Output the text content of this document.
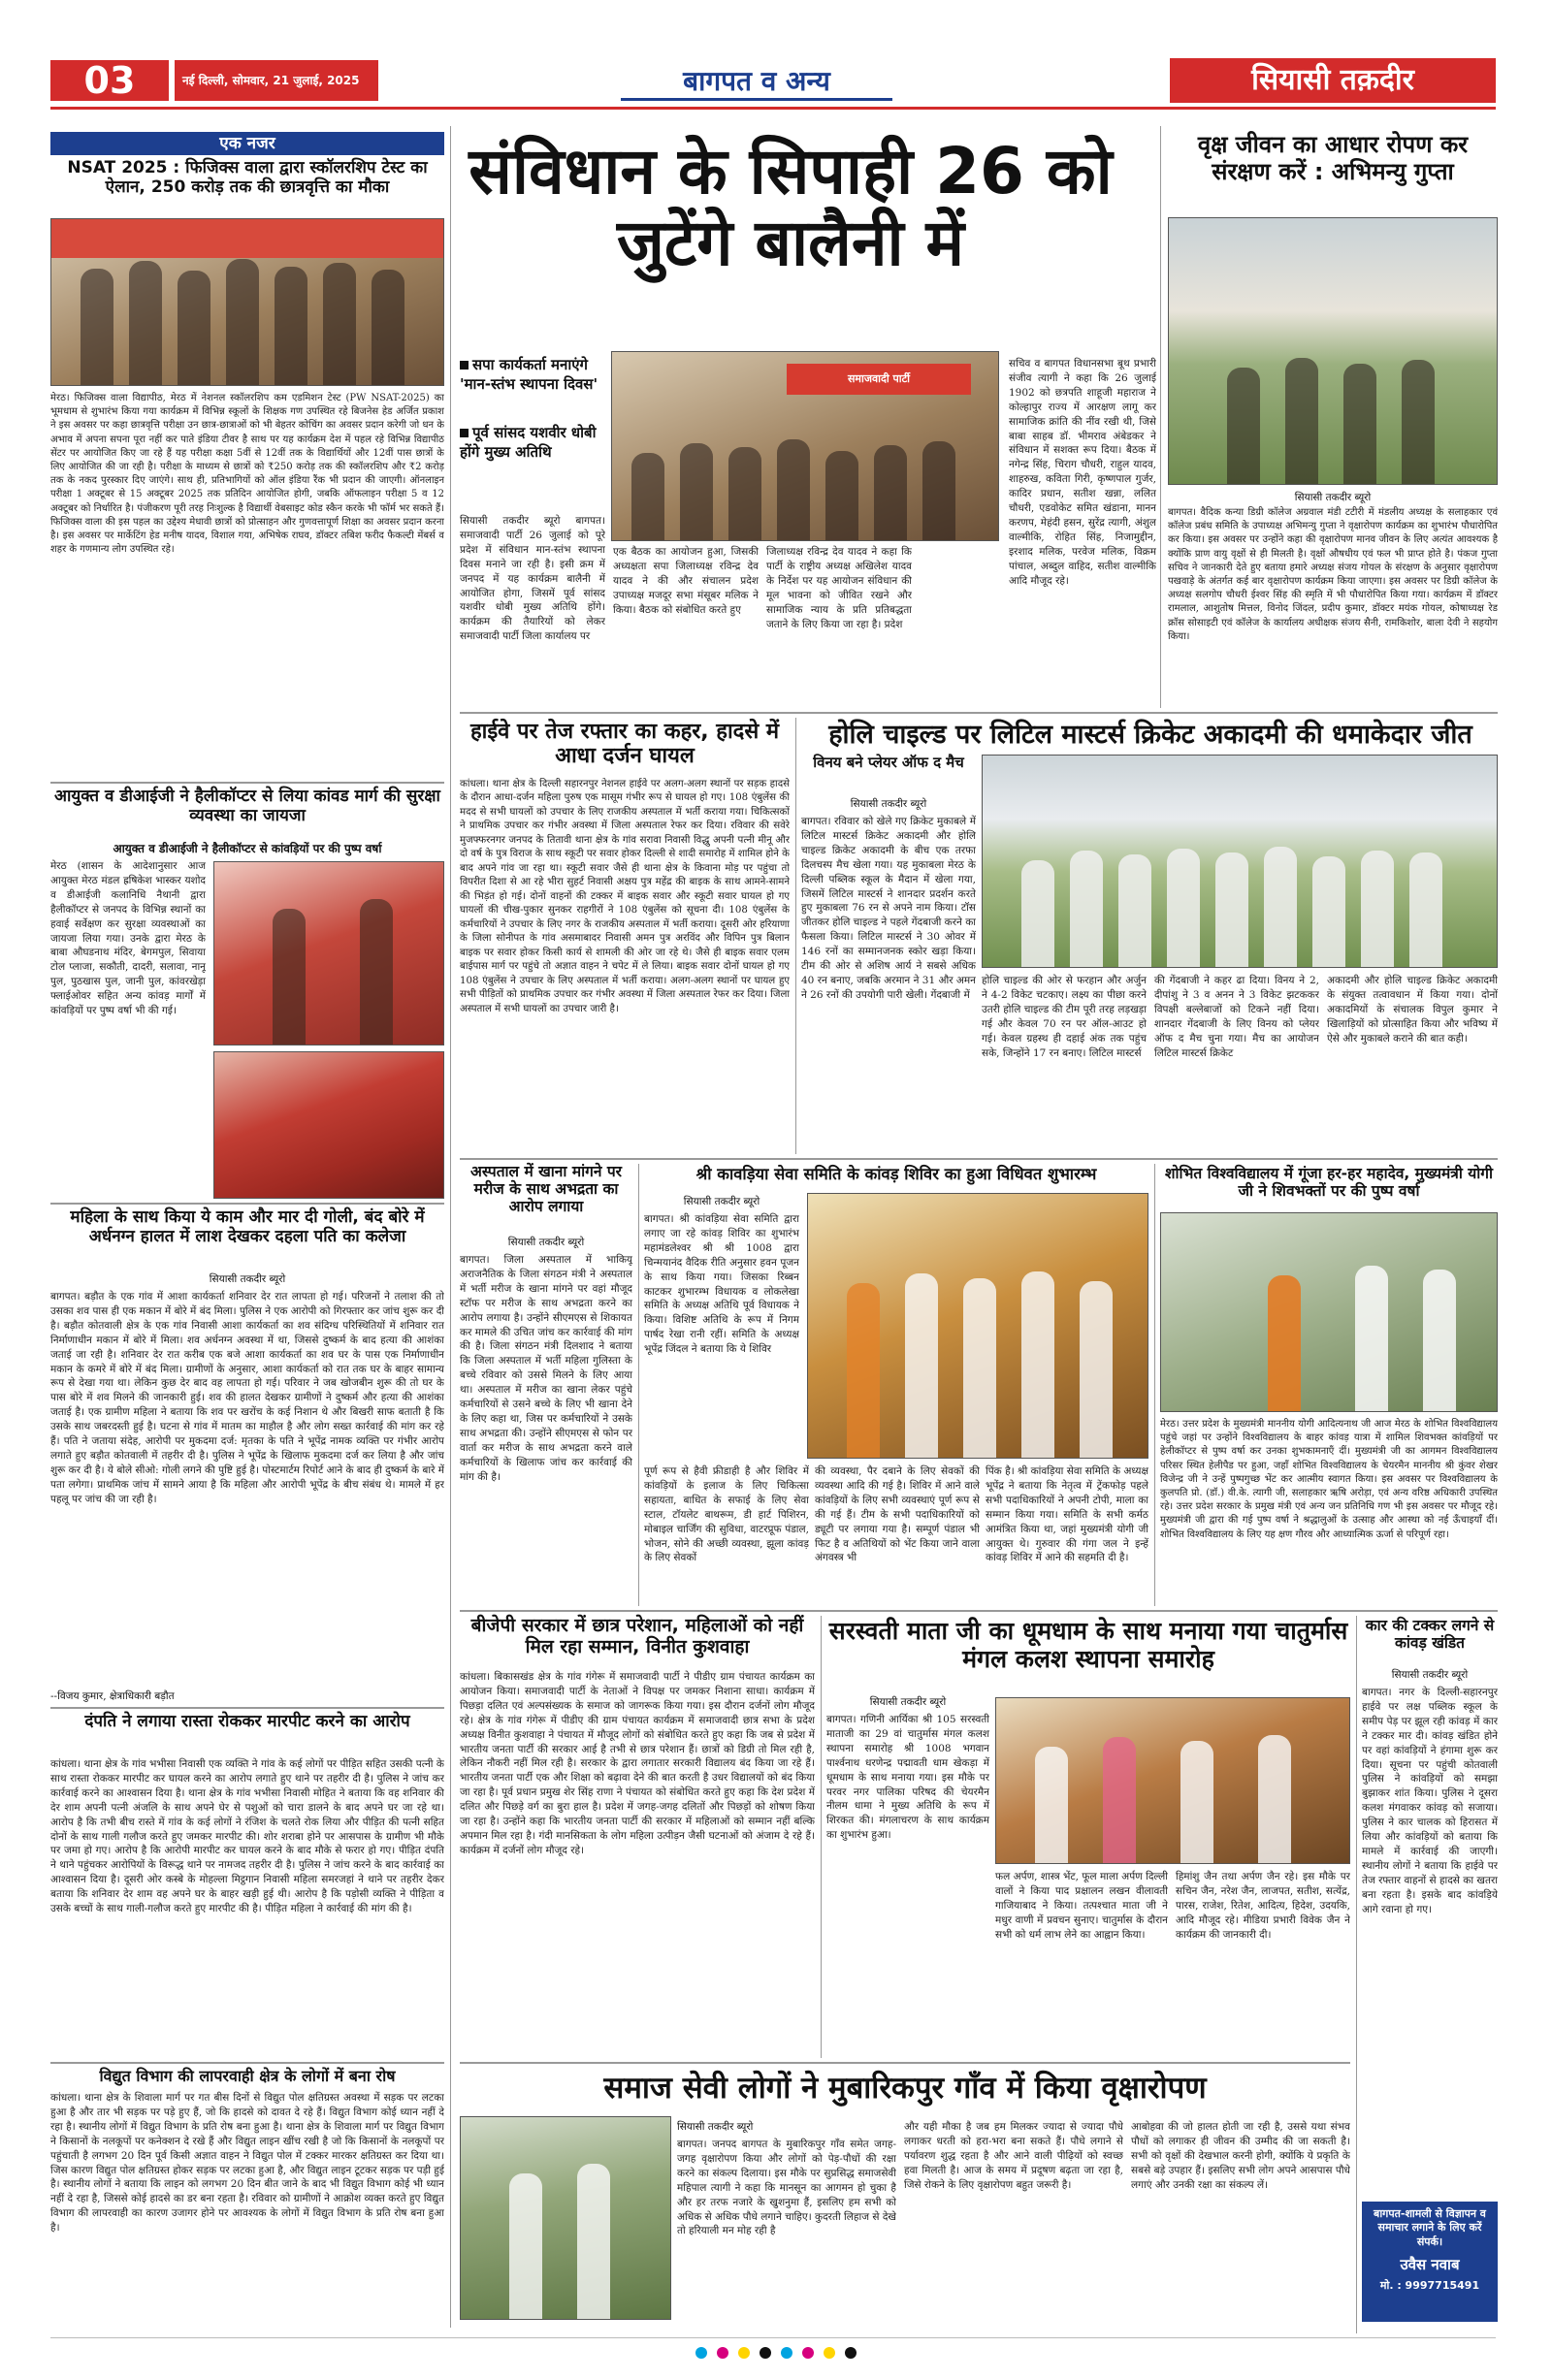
03	नई दिल्ली, सोमवार, 21 जुलाई, 2025	बागपत व अन्य	सियासी तक़दीर
एक नजर
NSAT 2025 : फिजिक्स वाला द्वारा स्कॉलरशिप टेस्ट का ऐलान, 250 करोड़ तक की छात्रवृत्ति का मौका
मेरठ। फिजिक्स वाला विद्यापीठ, मेरठ में नेशनल स्कॉलरशिप कम एडमिशन टेस्ट (PW NSAT-2025) का भूमधाम से शुभारंभ किया गया कार्यक्रम में विभिन्न स्कूलों के शिक्षक गण उपस्थित रहे बिजनेस हेड अर्जित प्रकाश ने इस अवसर पर कहा छात्रवृत्ति परीक्षा उन छात्र-छात्राओं को भी बेहतर कोचिंग का अवसर प्रदान करेगी जो धन के अभाव में अपना सपना पूरा नहीं कर पाते इंडिया टीवर है साथ पर यह कार्यक्रम देश में पहल रहे विभिन्न विद्यापीठ सेंटर पर आयोजित किए जा रहे हैं यह परीक्षा कक्षा 5वीं से 12वीं तक के विद्यार्थियों और 12वीं पास छात्रों के लिए आयोजित की जा रही है। परीक्षा के माध्यम से छात्रों को ₹250 करोड़ तक की स्कॉलरशिप और ₹2 करोड़ तक के नकद पुरस्कार दिए जाएंगे। साथ ही, प्रतिभागियों को ऑल इंडिया रैंक भी प्रदान की जाएगी। ऑनलाइन परीक्षा 1 अक्टूबर से 15 अक्टूबर 2025 तक प्रतिदिन आयोजित होगी, जबकि ऑफलाइन परीक्षा 5 व 12 अक्टूबर को निर्धारित है। पंजीकरण पूरी तरह निःशुल्क है विद्यार्थी वेबसाइट कोड स्कैन करके भी फॉर्म भर सकते हैं। फिजिक्स वाला की इस पहल का उद्देश्य मेधावी छात्रों को प्रोत्साहन और गुणवत्तापूर्ण शिक्षा का अवसर प्रदान करना है। इस अवसर पर मार्केटिंग हेड मनीष यादव, विशाल गया, अभिषेक राघव, डॉक्टर तबिश फरीद फैकल्टी मेंबर्स व शहर के गणमान्य लोग उपस्थित रहे।
आयुक्त व डीआईजी ने हैलीकॉप्टर से लिया कांवड मार्ग की सुरक्षा व्यवस्था का जायजा
आयुक्त व डीआईजी ने हैलीकॉप्टर से कांवड़ियों पर की पुष्प वर्षा
मेरठ (शासन के आदेशानुसार आज आयुक्त मेरठ मंडल ह्रषिकेश भास्कर यशोद व डीआईजी कलानिधि नैथानी द्वारा हैलीकॉप्टर से जनपद के विभिन्न स्थानों का हवाई सर्वेक्षण कर सुरक्षा व्यवस्थाओं का जायजा लिया गया। उनके द्वारा मेरठ के बाबा औघडनाथ मंदिर, बेगमपुल, सिवाया टोल प्लाजा, सकौती, दादरी, सलावा, नानू पुल, पुठखास पुल, जानी पुल, कांवरखेड़ा फ्लाईओवर सहित अन्य कांवड़ मार्गों में कांवड़ियों पर पुष्प वर्षा भी की गई।
महिला के साथ किया ये काम और मार दी गोली, बंद बोरे में अर्धनग्न हालत में लाश देखकर दहला पति का कलेजा
सियासी तकदीर ब्यूरो
बागपत। बड़ौत के एक गांव में आशा कार्यकर्ता शनिवार देर रात लापता हो गई। परिजनों ने तलाश की तो उसका शव पास ही एक मकान में बोरे में बंद मिला। पुलिस ने एक आरोपी को गिरफ्तार कर जांच शुरू कर दी है। बड़ौत कोतवाली क्षेत्र के एक गांव निवासी आशा कार्यकर्ता का शव संदिग्ध परिस्थितियों में शनिवार रात निर्माणाधीन मकान में बोरे में मिला। शव अर्धनग्न अवस्था में था, जिससे दुष्कर्म के बाद हत्या की आशंका जताई जा रही है। शनिवार देर रात करीब एक बजे आशा कार्यकर्ता का शव घर के पास एक निर्माणाधीन मकान के कमरे में बोरे में बंद मिला। ग्रामीणों के अनुसार, आशा कार्यकर्ता को रात तक घर के बाहर सामान्य रूप से देखा गया था। लेकिन कुछ देर बाद वह लापता हो गई। परिवार ने जब खोजबीन शुरू की तो घर के पास बोरे में शव मिलने की जानकारी हुई। शव की हालत देखकर ग्रामीणों ने दुष्कर्म और हत्या की आशंका जताई है। एक ग्रामीण महिला ने बताया कि शव पर खरोंच के कई निशान थे और बिखरी साफ बताती है कि उसके साथ जबरदस्ती हुई है। घटना से गांव में मातम का माहौल है और लोग सख्त कार्रवाई की मांग कर रहे हैं। पति ने जताया संदेह, आरोपी पर मुकदमा दर्ज: मृतका के पति ने भूपेंद्र नामक व्यक्ति पर गंभीर आरोप लगाते हुए बड़ौत कोतवाली में तहरीर दी है। पुलिस ने भूपेंद्र के खिलाफ मुकदमा दर्ज कर लिया है और जांच शुरू कर दी है। ये बोले सीओ: गोली लगने की पुष्टि हुई है। पोस्टमार्टम रिपोर्ट आने के बाद ही दुष्कर्म के बारे में पता लगेगा। प्राथमिक जांच में सामने आया है कि महिला और आरोपी भूपेंद्र के बीच संबंध थे। मामले में हर पहलू पर जांच की जा रही है।
--विजय कुमार, क्षेत्राधिकारी बड़ौत
दंपति ने लगाया रास्ता रोककर मारपीट करने का आरोप
कांधला। थाना क्षेत्र के गांव भभीसा निवासी एक व्यक्ति ने गांव के कई लोगों पर पीड़ित सहित उसकी पत्नी के साथ रास्ता रोककर मारपीट कर घायल करने का आरोप लगाते हुए थाने पर तहरीर दी है। पुलिस ने जांच कर कार्रवाई करने का आश्वासन दिया है। थाना क्षेत्र के गांव भभीसा निवासी मोहित ने बताया कि वह शनिवार की देर शाम अपनी पत्नी अंजलि के साथ अपने घेर से पशुओं को चारा डालने के बाद अपने घर जा रहे था। आरोप है कि तभी बीच रास्ते में गांव के कई लोगों ने रंजिश के चलते रोक लिया और पीड़ित की पत्नी सहित दोनों के साथ गाली गलौज करते हुए जमकर मारपीट की। शोर शराबा होने पर आसपास के ग्रामीण भी मौके पर जमा हो गए। आरोप है कि आरोपी मारपीट कर घायल करने के बाद मौके से फरार हो गए। पीड़ित दंपति ने थाने पहुंचकर आरोपियों के विरूद्ध थाने पर नामजद तहरीर दी है। पुलिस ने जांच करने के बाद कार्रवाई का आश्वासन दिया है। दूसरी ओर कस्बे के मोहल्ला मिट्ठगान निवासी महिला समरजहां ने थाने पर तहरीर देकर बताया कि शनिवार देर शाम वह अपने घर के बाहर खड़ी हुई थी। आरोप है कि पड़ोसी व्यक्ति ने पीड़िता व उसके बच्चों के साथ गाली-गलौज करते हुए मारपीट की है। पीड़ित महिला ने कार्रवाई की मांग की है।
विद्युत विभाग की लापरवाही क्षेत्र के लोगों में बना रोष
कांधला। थाना क्षेत्र के शिवाला मार्ग पर गत बीस दिनों से विद्युत पोल क्षतिग्रस्त अवस्था में सड़क पर लटका हुआ है और तार भी सड़क पर पड़े हुए हैं, जो कि हादसे को दावत दे रहे हैं। विद्युत विभाग कोई ध्यान नहीं दे रहा है। स्थानीय लोगों में विद्युत विभाग के प्रति रोष बना हुआ है। थाना क्षेत्र के शिवाला मार्ग पर विद्युत विभाग ने किसानों के नलकूपों पर कनेक्शन दे रखे हैं और विद्युत लाइन खींच रखी है जो कि किसानों के नलकूपों पर पहुंचाती है लगभग 20 दिन पूर्व किसी अज्ञात वाहन ने विद्युत पोल में टक्कर मारकर क्षतिग्रस्त कर दिया था। जिस कारण विद्युत पोल क्षतिग्रस्त होकर सड़क पर लटका हुआ है, और विद्युत लाइन टूटकर सड़क पर पड़ी हुई है। स्थानीय लोगों ने बताया कि लाइन को लगभग 20 दिन बीत जाने के बाद भी विद्युत विभाग कोई भी ध्यान नहीं दे रहा है, जिससे कोई हादसे का डर बना रहता है। रविवार को ग्रामीणों ने आक्रोश व्यक्त करते हुए विद्युत विभाग की लापरवाही का कारण उजागर होने पर आवश्यक के लोगों में विद्युत विभाग के प्रति रोष बना हुआ है।
संविधान के सिपाही 26 को जुटेंगे बालैनी में
सपा कार्यकर्ता मनाएंगे 'मान-स्तंभ स्थापना दिवस'
पूर्व सांसद यशवीर धोबी होंगे मुख्य अतिथि
समाजवादी पार्टी
सियासी तकदीर ब्यूरो बागपत। समाजवादी पार्टी 26 जुलाई को पूरे प्रदेश में संविधान मान-स्तंभ स्थापना दिवस मनाने जा रही है। इसी क्रम में जनपद में यह कार्यक्रम बालैनी में आयोजित होगा, जिसमें पूर्व सांसद यशवीर धोबी मुख्य अतिथि होंगे। कार्यक्रम की तैयारियों को लेकर समाजवादी पार्टी जिला कार्यालय पर
एक बैठक का आयोजन हुआ, जिसकी अध्यक्षता सपा जिलाध्यक्ष रविन्द्र देव यादव ने की और संचालन प्रदेश उपाध्यक्ष मजदूर सभा मंसूबर मलिक ने किया। बैठक को संबोधित करते हुए
जिलाध्यक्ष रविन्द्र देव यादव ने कहा कि पार्टी के राष्ट्रीय अध्यक्ष अखिलेश यादव के निर्देश पर यह आयोजन संविधान की मूल भावना को जीवित रखने और सामाजिक न्याय के प्रति प्रतिबद्धता जताने के लिए किया जा रहा है। प्रदेश
सचिव व बागपत विधानसभा बूथ प्रभारी संजीव त्यागी ने कहा कि 26 जुलाई 1902 को छत्रपति शाहूजी महाराज ने कोल्हापुर राज्य में आरक्षण लागू कर सामाजिक क्रांति की नींव रखी थी, जिसे बाबा साहब डॉ. भीमराव अंबेडकर ने संविधान में सशक्त रूप दिया। बैठक में नगेन्द्र सिंह, चिराग चौधरी, राहुल यादव, शाहरुख, कविता गिरी, कृष्णपाल गुर्जर, कादिर प्रधान, सतीश खन्ना, ललित चौधरी, एडवोकेट समित खंडाना, मानन करणप, मेहंदी हसन, सुरेंद्र त्यागी, अंशुल वाल्मीकि, रोहित सिंह, निजामुद्दीन, इरशाद मलिक, परवेज मलिक, विक्रम पांचाल, अब्दुल वाहिद, सतीश वाल्मीकि आदि मौजूद रहे।
वृक्ष जीवन का आधार रोपण कर संरक्षण करें : अभिमन्यु गुप्ता
सियासी तकदीर ब्यूरो
बागपत। वैदिक कन्या डिग्री कॉलेज अग्रवाल मंडी टटीरी में मंडलीय अध्यक्ष के सलाहकार एवं कॉलेज प्रबंध समिति के उपाध्यक्ष अभिमन्यु गुप्ता ने वृक्षारोपण कार्यक्रम का शुभारंभ पौधारोपित कर किया। इस अवसर पर उन्होंने कहा की वृक्षारोपण मानव जीवन के लिए अत्यंत आवश्यक है क्योंकि प्राण वायु वृक्षों से ही मिलती है। वृक्षों औषधीय एवं फल भी प्राप्त होते है। पंकज गुप्ता सचिव ने जानकारी देते हुए बताया हमारे अध्यक्ष संजय गोयल के संरक्षण के अनुसार वृक्षारोपण पखवाड़े के अंतर्गत कई बार वृक्षारोपण कार्यक्रम किया जाएगा। इस अवसर पर डिग्री कॉलेज के अध्यक्ष सलगोप चौधरी ईश्वर सिंह की स्मृति में भी पौधारोपित किया गया। कार्यक्रम में डॉक्टर रामलाल, आशुतोष मित्तल, विनोद जिंदल, प्रदीप कुमार, डॉक्टर मयंक गोयल, कोषाध्यक्ष रेड क्रॉस सोसाइटी एवं कॉलेज के कार्यालय अधीक्षक संजय सैनी, रामकिशोर, बाला देवी ने सहयोग किया।
हाईवे पर तेज रफ्तार का कहर, हादसे में आधा दर्जन घायल
कांधला। थाना क्षेत्र के दिल्ली सहारनपुर नेशनल हाईवे पर अलग-अलग स्थानों पर सड़क हादसे के दौरान आधा-दर्जन महिला पुरुष एक मासूम गंभीर रूप से घायल हो गए। 108 एंबुलेंस की मदद से सभी घायलों को उपचार के लिए राजकीय अस्पताल में भर्ती कराया गया। चिकित्सकों ने प्राथमिक उपचार कर गंभीर अवस्था में जिला अस्पताल रेफर कर दिया। रविवार की सवेरे मुजफ्फरनगर जनपद के तितावी थाना क्षेत्र के गांव सरावा निवासी विद्धु अपनी पत्नी मीनू और दो वर्ष के पुत्र विराज के साथ स्कूटी पर सवार होकर दिल्ली से शादी समारोह में शामिल होने के बाद अपने गांव जा रहा था। स्कूटी सवार जैसे ही थाना क्षेत्र के किवाना मोड़ पर पहुंचा तो विपरीत दिशा से आ रहे भीरा सुहर्ट निवासी अक्षय पुत्र महेंद्र की बाइक के साथ आमने-सामने की भिड़ंत हो गई। दोनों वाहनों की टक्कर में बाइक सवार और स्कूटी सवार घायल हो गए घायलों की चीख-पुकार सुनकर राहगीरों ने 108 एंबुलेंस को सूचना दी। 108 एंबुलेंस के कर्मचारियों ने उपचार के लिए नगर के राजकीय अस्पताल में भर्ती कराया। दूसरी ओर हरियाणा के जिला सोनीपत के गांव असमाबादर निवासी अमन पुत्र अरविंद और विपिन पुत्र बिलान बाइक पर सवार होकर किसी कार्य से शामली की ओर जा रहे थे। जैसे ही बाइक सवार एलम बाईपास मार्ग पर पहुंचे तो अज्ञात वाहन ने चपेट में ले लिया। बाइक सवार दोनों घायल हो गए 108 एंबुलेंस ने उपचार के लिए अस्पताल में भर्ती कराया। अलग-अलग स्थानों पर घायल हुए सभी पीड़ितों को प्राथमिक उपचार कर गंभीर अवस्था में जिला अस्पताल रेफर कर दिया। जिला अस्पताल में सभी घायलों का उपचार जारी है।
होलि चाइल्ड पर लिटिल मास्टर्स क्रिकेट अकादमी की धमाकेदार जीत
विनय बने प्लेयर ऑफ द मैच
सियासी तकदीर ब्यूरो
बागपत। रविवार को खेले गए क्रिकेट मुकाबले में लिटिल मास्टर्स क्रिकेट अकादमी और होलि चाइल्ड क्रिकेट अकादमी के बीच एक तरफा दिलचस्प मैच खेला गया। यह मुकाबला मेरठ के दिल्ली पब्लिक स्कूल के मैदान में खेला गया, जिसमें लिटिल मास्टर्स ने शानदार प्रदर्शन करते हुए मुकाबला 76 रन से अपने नाम किया। टॉस जीतकर होलि चाइल्ड ने पहले गेंदबाजी करने का फैसला किया। लिटिल मास्टर्स ने 30 ओवर में 146 रनों का सम्मानजनक स्कोर खड़ा किया। टीम की ओर से अशिष आर्य ने सबसे अधिक 40 रन बनाए, जबकि अरमान ने 31 और अमन ने 26 रनों की उपयोगी पारी खेली। गेंदबाजी में
होलि चाइल्ड की ओर से फरहान और अर्जुन ने 4-2 विकेट चटकाए। लक्ष्य का पीछा करने उतरी होलि चाइल्ड की टीम पूरी तरह लड़खड़ा गई और केवल 70 रन पर ऑल-आउट हो गई। केवल ग्रहस्थ ही दहाई अंक तक पहुंच सके, जिन्होंने 17 रन बनाए। लिटिल मास्टर्स
की गेंदबाजी ने कहर ढा दिया। विनय ने 2, दीपांशु ने 3 व अनन ने 3 विकेट झटककर विपक्षी बल्लेबाजों को टिकने नहीं दिया। शानदार गेंदबाजी के लिए विनय को प्लेयर ऑफ द मैच चुना गया। मैच का आयोजन लिटिल मास्टर्स क्रिकेट
अकादमी और होलि चाइल्ड क्रिकेट अकादमी के संयुक्त तत्वावधान में किया गया। दोनों अकादमियों के संचालक विपुल कुमार ने खिलाड़ियों को प्रोत्साहित किया और भविष्य में ऐसे और मुकाबले कराने की बात कही।
अस्पताल में खाना मांगने पर मरीज के साथ अभद्रता का आरोप लगाया
सियासी तकदीर ब्यूरो
बागपत। जिला अस्पताल में भाकियू अराजनैतिक के जिला संगठन मंत्री ने अस्पताल में भर्ती मरीज के खाना मांगने पर वहां मौजूद स्टॉफ पर मरीज के साथ अभद्रता करने का आरोप लगाया है। उन्होंने सीएमएस से शिकायत कर मामले की उचित जांच कर कार्रवाई की मांग की है। जिला संगठन मंत्री दिलशाद ने बताया कि जिला अस्पताल में भर्ती महिला गुलिस्ता के बच्चे रविवार को उससे मिलने के लिए आया था। अस्पताल में मरीज का खाना लेकर पहुंचे कर्मचारियों से उसने बच्चे के लिए भी खाना देने के लिए कहा था, जिस पर कर्मचारियों ने उसके साथ अभद्रता की। उन्होंने सीएमएस से फोन पर वार्ता कर मरीज के साथ अभद्रता करने वाले कर्मचारियों के खिलाफ जांच कर कार्रवाई की मांग की है।
श्री कावड़िया सेवा समिति के कांवड़ शिविर का हुआ विधिवत शुभारम्भ
सियासी तकदीर ब्यूरो
बागपत। श्री कांवड़िया सेवा समिति द्वारा लगाए जा रहे कांवड़ शिविर का शुभारंभ महामंडलेश्वर श्री श्री 1008 द्वारा चिन्मयानंद वैदिक रीति अनुसार हवन पूजन के साथ किया गया। जिसका रिब्बन काटकर शुभारम्भ विधायक व लोकलेखा समिति के अध्यक्ष अतिथि पूर्व विधायक ने किया। विशिष्ट अतिथि के रूप में निगम पार्षद रेखा रानी रहीं। समिति के अध्यक्ष भूपेंद्र जिंदल ने बताया कि ये शिविर
पूर्ण रूप से हैवी फ्रीडाही है और शिविर में कांवड़ियों के इलाज के लिए चिकित्सा सहायता, बाधित के सफाई के लिए सेवा स्टाल, टॉयलेट बाथरूम, डी हार्ट पिशिरन, मोबाइल चार्जिंग की सुविधा, वाटरप्रूफ पंडाल, भोजन, सोने की अच्छी व्यवस्था, झूला कांवड़ के लिए सेवकों
की व्यवस्था, पैर दबाने के लिए सेवकों की व्यवस्था आदि की गई है। शिविर में आने वाले कांवड़ियों के लिए सभी व्यवस्थाएं पूर्ण रूप से की गई हैं। टीम के सभी पदाधिकारियों को ड्यूटी पर लगाया गया है। सम्पूर्ण पंडाल भी फिट है व अतिथियों को भेंट किया जाने वाला अंगवस्त्र भी
पिंक है। श्री कांवड़िया सेवा समिति के अध्यक्ष भूपेंद्र ने बताया कि नेतृत्व में ट्रेंकफोड़ पहले सभी पदाधिकारियों ने अपनी टोपी, माला का सम्मान किया गया। समिति के सभी कर्मठ आमंत्रित किया था, जहां मुख्यमंत्री योगी जी आयुक्त थे। गुरुवार की गंगा जल ने इन्हें कांवड़ शिविर में आने की सहमति दी है।
शोभित विश्वविद्यालय में गूंजा हर-हर महादेव, मुख्यमंत्री योगी जी ने शिवभक्तों पर की पुष्प वर्षा
मेरठ। उत्तर प्रदेश के मुख्यमंत्री माननीय योगी आदित्यनाथ जी आज मेरठ के शोभित विश्वविद्यालय पहुंचे जहां पर उन्होंने विश्वविद्यालय के बाहर कांवड़ यात्रा में शामिल शिवभक्त कांवड़ियों पर हेलीकॉप्टर से पुष्प वर्षा कर उनका शुभकामनाएँ दीं। मुख्यमंत्री जी का आगमन विश्वविद्यालय परिसर स्थित हेलीपैड पर हुआ, जहाँ शोभित विश्वविद्यालय के चेयरमैन माननीय श्री कुंवर शेखर विजेन्द्र जी ने उन्हें पुष्पगुच्छ भेंट कर आत्मीय स्वागत किया। इस अवसर पर विश्वविद्यालय के कुलपति प्रो. (डॉ.) वी.के. त्यागी जी, सलाहकार ऋषि अरोड़ा, एवं अन्य वरिष्ठ अधिकारी उपस्थित रहे। उत्तर प्रदेश सरकार के प्रमुख मंत्री एवं अन्य जन प्रतिनिधि गण भी इस अवसर पर मौजूद रहे। मुख्यमंत्री जी द्वारा की गई पुष्प वर्षा ने श्रद्धालुओं के उत्साह और आस्था को नई ऊँचाइयाँ दीं। शोभित विश्वविद्यालय के लिए यह क्षण गौरव और आध्यात्मिक ऊर्जा से परिपूर्ण रहा।
बीजेपी सरकार में छात्र परेशान, महिलाओं को नहीं मिल रहा सम्मान, विनीत कुशवाहा
कांधला। बिकासखंड क्षेत्र के गांव गंगेरू में समाजवादी पार्टी ने पीडीए ग्राम पंचायत कार्यक्रम का आयोजन किया। समाजवादी पार्टी के नेताओं ने विपक्ष पर जमकर निशाना साधा। कार्यक्रम में पिछड़ा दलित एवं अल्पसंख्यक के समाज को जागरूक किया गया। इस दौरान दर्जनों लोग मौजूद रहे। क्षेत्र के गांव गंगेरू में पीडीए की ग्राम पंचायत कार्यक्रम में समाजवादी छात्र सभा के प्रदेश अध्यक्ष विनीत कुशवाहा ने पंचायत में मौजूद लोगों को संबोधित करते हुए कहा कि जब से प्रदेश में भारतीय जनता पार्टी की सरकार आई है तभी से छात्र परेशान हैं। छात्रों को डिग्री तो मिल रही है, लेकिन नौकरी नहीं मिल रही है। सरकार के द्वारा लगातार सरकारी विद्यालय बंद किया जा रहे हैं। भारतीय जनता पार्टी एक और शिक्षा को बढ़ावा देने की बात करती है उधर विद्यालयों को बंद किया जा रहा है। पूर्व प्रधान प्रमुख शेर सिंह राणा ने पंचायत को संबोधित करते हुए कहा कि देश प्रदेश में दलित और पिछड़े वर्ग का बुरा हाल है। प्रदेश में जगह-जगह दलितों और पिछड़ों को शोषण किया जा रहा है। उन्होंने कहा कि भारतीय जनता पार्टी की सरकार में महिलाओं को सम्मान नहीं बल्कि अपमान मिल रहा है। गंदी मानसिकता के लोग महिला उत्पीड़न जैसी घटनाओं को अंजाम दे रहे हैं। कार्यक्रम में दर्जनों लोग मौजूद रहे।
सरस्वती माता जी का धूमधाम के साथ मनाया गया चातुर्मास मंगल कलश स्थापना समारोह
सियासी तकदीर ब्यूरो
बागपत। गणिनी आर्यिका श्री 105 सरस्वती माताजी का 29 वां चातुर्मास मंगल कलश स्थापना समारोह श्री 1008 भगवान पार्श्वनाथ धरणेन्द्र पद्मावती धाम खेकड़ा में धूमधाम के साथ मनाया गया। इस मौके पर परवर नगर पालिका परिषद की चेयरमैन नीलम धामा ने मुख्य अतिथि के रूप में शिरकत की। मंगलाचरण के साथ कार्यक्रम का शुभारंभ हुआ।
फल अर्पण, शास्त्र भेंट, फूल माला अर्पण दिल्ली वालों ने किया पाद प्रक्षालन लखन वीलावती गाजियाबाद ने किया। तत्पश्चात माता जी ने मधुर वाणी में प्रवचन सुनाए। चातुर्मास के दौरान सभी को धर्म लाभ लेने का आह्वान किया।
हिमांशु जैन तथा अर्पण जैन रहे। इस मौके पर सचिन जैन, नरेश जैन, लाजपत, सतीश, सत्येंद्र, पारस, राजेश, रितेश, आदित्य, हिदेश, उदयकि, आदि मौजूद रहे। मीडिया प्रभारी विवेक जैन ने कार्यक्रम की जानकारी दी।
कार की टक्कर लगने से कांवड़ खंडित
सियासी तकदीर ब्यूरो
बागपत। नगर के दिल्ली-सहारनपुर हाईवे पर लक्ष पब्लिक स्कूल के समीप पेड़ पर झूल रही कांवड़ में कार ने टक्कर मार दी। कांवड़ खंडित होने पर वहां कांवड़ियों ने हंगामा शुरू कर दिया। सूचना पर पहुंची कोतवाली पुलिस ने कांवड़ियों को समझा बुझाकर शांत किया। पुलिस ने दूसरा कलश मंगवाकर कांवड़ को सजाया। पुलिस ने कार चालक को हिरासत में लिया और कांवड़ियों को बताया कि मामले में कार्रवाई की जाएगी। स्थानीय लोगों ने बताया कि हाईवे पर तेज रफ्तार वाहनों से हादसे का खतरा बना रहता है। इसके बाद कांवड़िये आगे रवाना हो गए।
समाज सेवी लोगों ने मुबारिकपुर गाँव में किया वृक्षारोपण
सियासी तकदीर ब्यूरो
बागपत। जनपद बागपत के मुबारिकपुर गाँव समेत जगह-जगह वृक्षारोपण किया और लोगों को पेड़-पौधों की रक्षा करने का संकल्प दिलाया। इस मौके पर सुप्रसिद्ध समाजसेवी महिपाल त्यागी ने कहा कि मानसून का आगमन हो चुका है और हर तरफ नजारे के खुशनुमा हैं, इसलिए हम सभी को अधिक से अधिक पौधे लगाने चाहिए। कुदरती लिहाज से देखे तो हरियाली मन मोह रही है
और यही मौका है जब हम मिलकर ज्यादा से ज्यादा पौधे लगाकर धरती को हरा-भरा बना सकते हैं। पौधे लगाने से पर्यावरण शुद्ध रहता है और आने वाली पीढ़ियों को स्वच्छ हवा मिलती है। आज के समय में प्रदूषण बढ़ता जा रहा है, जिसे रोकने के लिए वृक्षारोपण बहुत जरूरी है।
आबोहवा की जो हालत होती जा रही है, उससे यथा संभव पौधों को लगाकर ही जीवन की उम्मीद की जा सकती है। सभी को वृक्षों की देखभाल करनी होगी, क्योंकि ये प्रकृति के सबसे बड़े उपहार हैं। इसलिए सभी लोग अपने आसपास पौधे लगाएं और उनकी रक्षा का संकल्प लें।
बागपत-शामली से विज्ञापन व समाचार लगाने के लिए करें संपर्क।
उवैस नवाब
मो. : 9997715491
